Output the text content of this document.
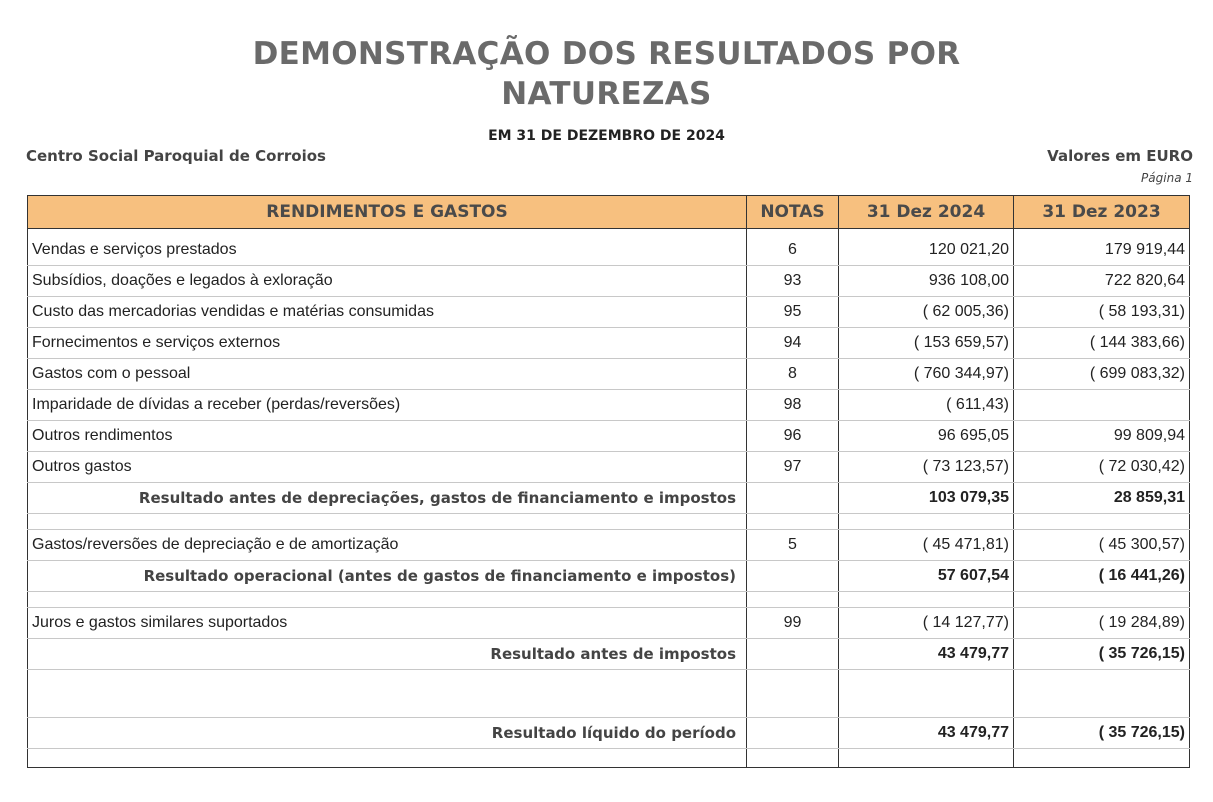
DEMONSTRAÇÃO DOS RESULTADOS POR
NATUREZAS
EM 31 DE DEZEMBRO DE 2024
Centro Social Paroquial de Corroios	Valores em EURO
Página 1
RENDIMENTOS E GASTOS	NOTAS	31 Dez 2024	31 Dez 2023

Vendas e serviços prestados	6	120 021,20	179 919,44
Subsídios, doações e legados à exloração	93	936 108,00	722 820,64
Custo das mercadorias vendidas e matérias consumidas	95	( 62 005,36)	( 58 193,31)
Fornecimentos e serviços externos	94	( 153 659,57)	( 144 383,66)
Gastos com o pessoal	8	( 760 344,97)	( 699 083,32)
Imparidade de dívidas a receber (perdas/reversões)	98	( 611,43)	
Outros rendimentos	96	96 695,05	99 809,94
Outros gastos	97	( 73 123,57)	( 72 030,42)
Resultado antes de depreciações, gastos de financiamento e impostos		103 079,35	28 859,31

Gastos/reversões de depreciação e de amortização	5	( 45 471,81)	( 45 300,57)
Resultado operacional (antes de gastos de financiamento e impostos)		57 607,54	( 16 441,26)

Juros e gastos similares suportados	99	( 14 127,77)	( 19 284,89)
Resultado antes de impostos		43 479,77	( 35 726,15)

Resultado líquido do período		43 479,77	( 35 726,15)
